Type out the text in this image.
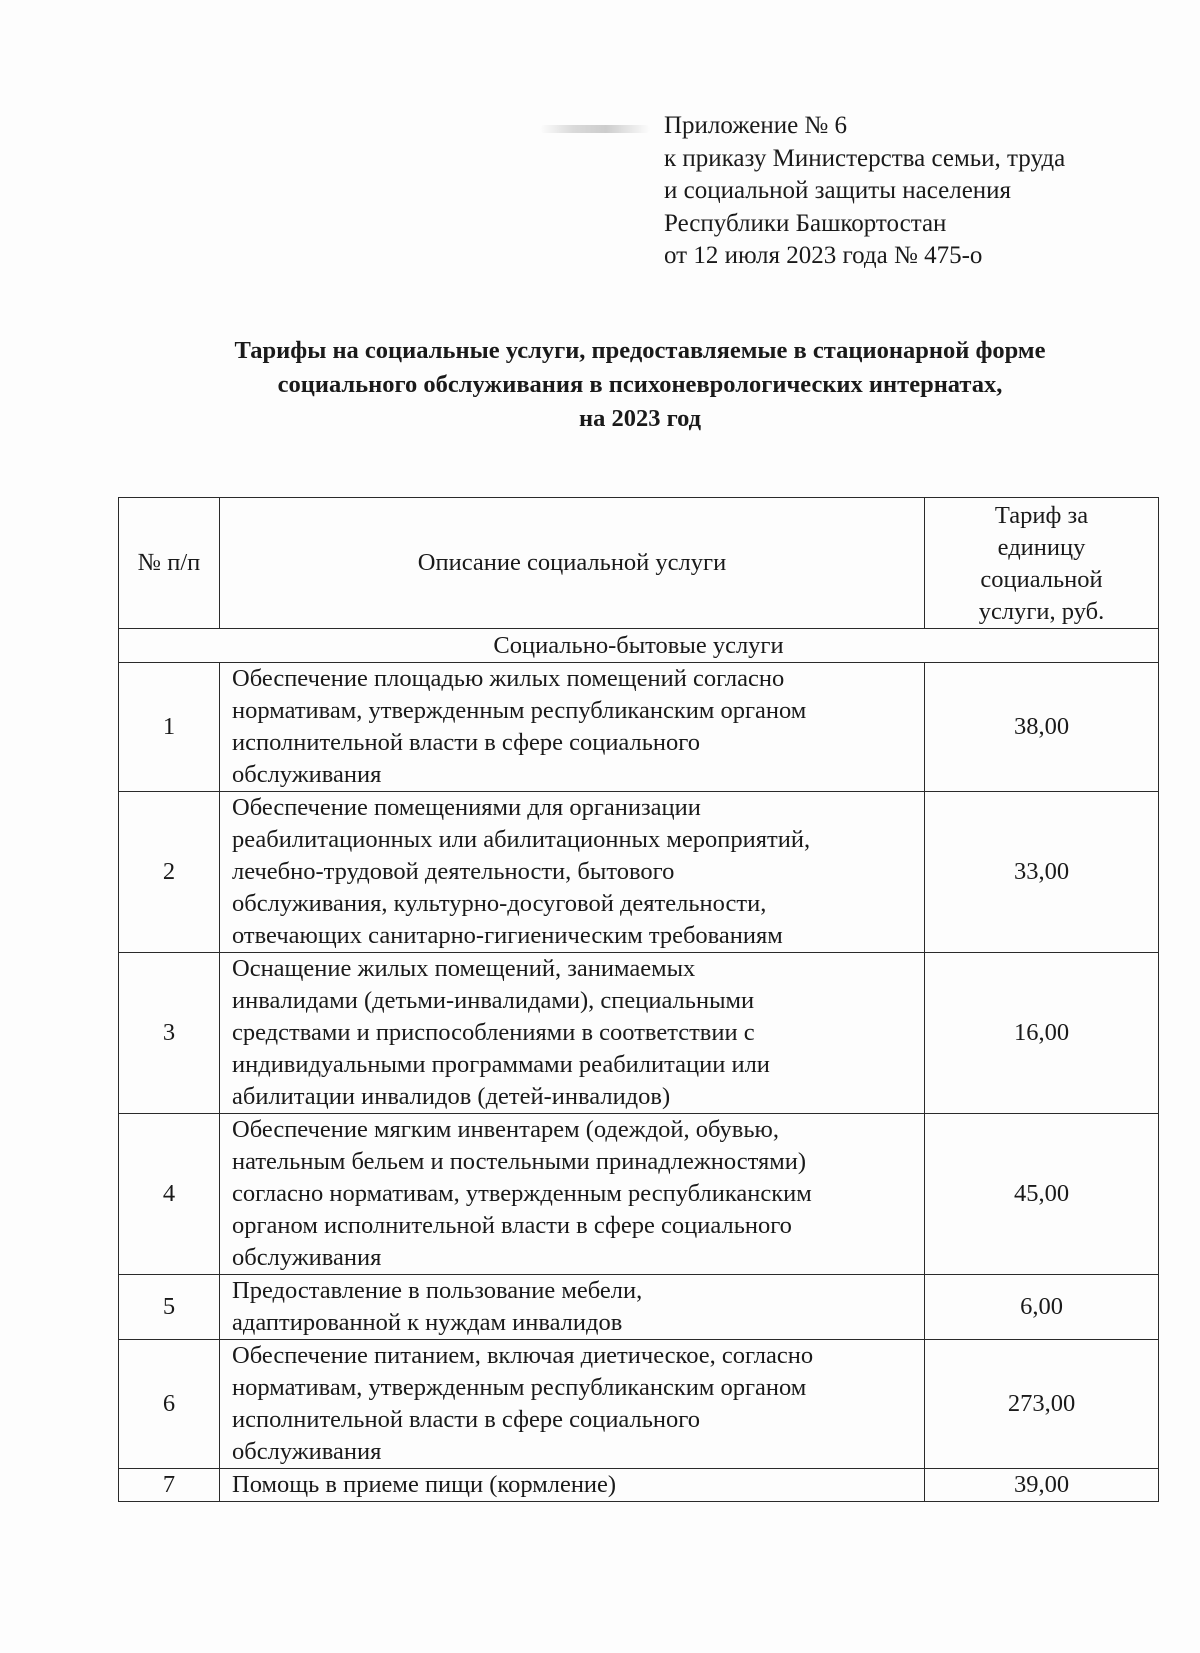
Приложение № 6
к приказу Министерства семьи, труда
и социальной защиты населения
Республики Башкортостан
от 12 июля 2023 года № 475-о
Тарифы на социальные услуги, предоставляемые в стационарной форме
социального обслуживания в психоневрологических интернатах,
на 2023 год
№ п/п	Описание социальной услуги	Тариф за
единицу
социальной
услуги, руб.

Социально-бытовые услуги		
1	Обеспечение площадью жилых помещений согласно
нормативам, утвержденным республиканским органом
исполнительной власти в сфере социального
обслуживания	38,00
2	Обеспечение помещениями для организации
реабилитационных или абилитационных мероприятий,
лечебно-трудовой деятельности, бытового
обслуживания, культурно-досуговой деятельности,
отвечающих санитарно-гигиеническим требованиям	33,00
3	Оснащение жилых помещений, занимаемых
инвалидами (детьми-инвалидами), специальными
средствами и приспособлениями в соответствии с
индивидуальными программами реабилитации или
абилитации инвалидов (детей-инвалидов)	16,00
4	Обеспечение мягким инвентарем (одеждой, обувью,
нательным бельем и постельными принадлежностями)
согласно нормативам, утвержденным республиканским
органом исполнительной власти в сфере социального
обслуживания	45,00
5	Предоставление в пользование мебели,
адаптированной к нуждам инвалидов	6,00
6	Обеспечение питанием, включая диетическое, согласно
нормативам, утвержденным республиканским органом
исполнительной власти в сфере социального
обслуживания	273,00
7	Помощь в приеме пищи (кормление)	39,00
